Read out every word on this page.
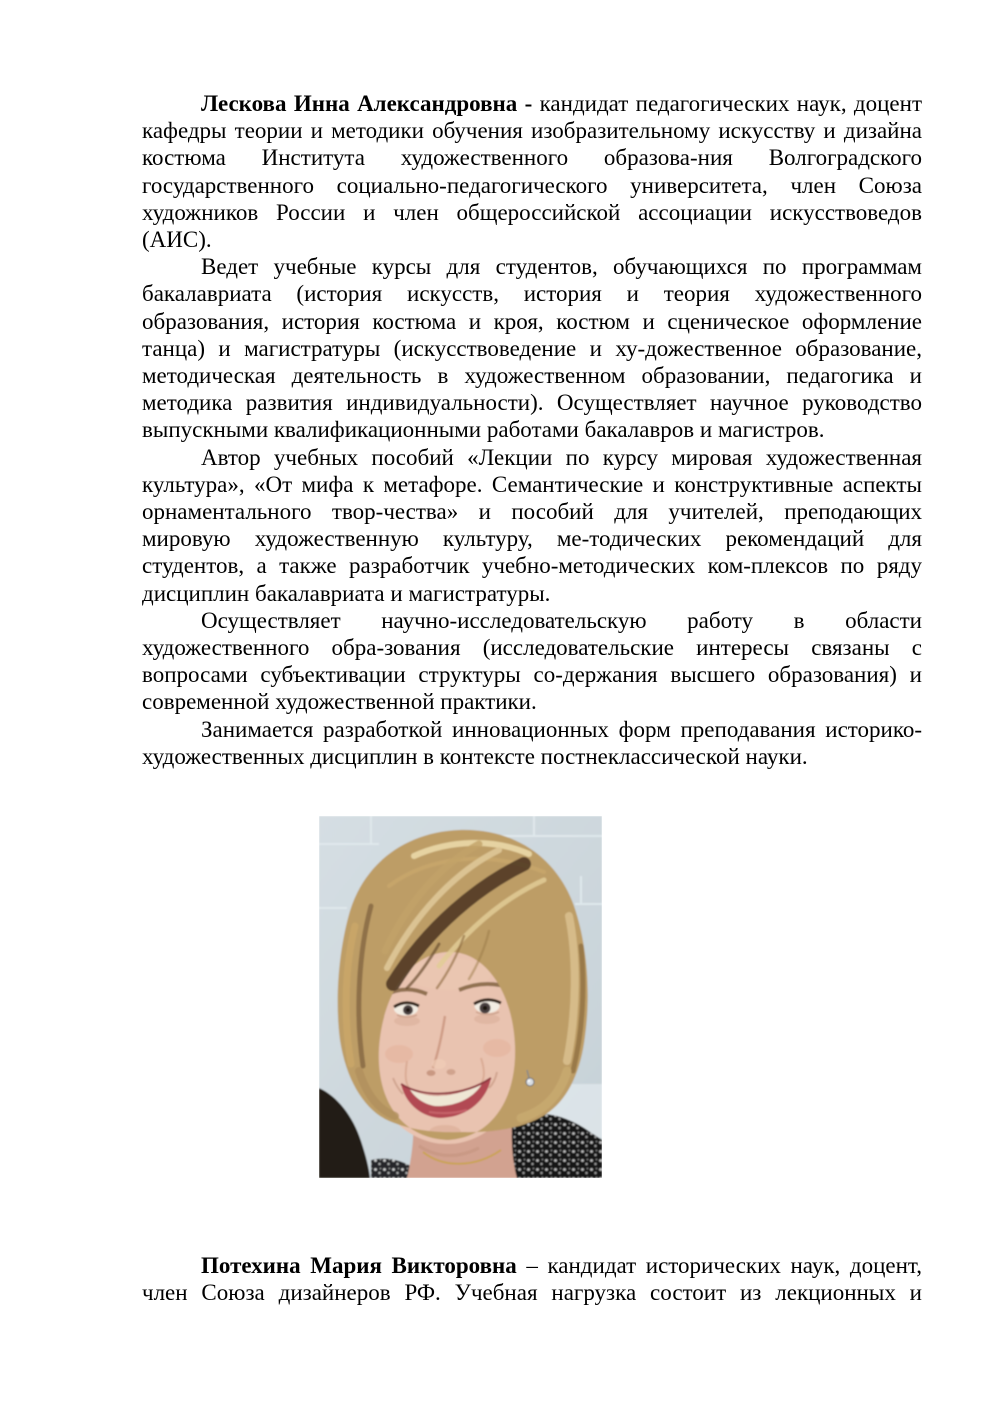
Лескова Инна Александровна - кандидат педагогических наук, доцент кафедры теории и методики обучения изобразительному искусству и дизайна костюма Института художественного образова-ния Волгоградского государственного социально-педагогического университета, член Союза художников России и член общероссийской ассоциации искусствоведов (АИС).

Ведет учебные курсы для студентов, обучающихся по программам бакалавриата (история искусств, история и теория художественного образования, история костюма и кроя, костюм и сценическое оформление танца) и магистратуры (искусствоведение и ху-дожественное образование, методическая деятельность в художественном образовании, педагогика и методика развития индивидуальности). Осуществляет научное руководство выпускными квалификационными работами бакалавров и магистров.

Автор учебных пособий «Лекции по курсу мировая художественная культура», «От мифа к метафоре. Семантические и конструктивные аспекты орнаментального твор-чества» и пособий для учителей, преподающих мировую художественную культуру, ме-тодических рекомендаций для студентов, а также разработчик учебно-методических ком-плексов по ряду дисциплин бакалавриата и магистратуры.

Осуществляет научно-исследовательскую работу в области художественного обра-зования (исследовательские интересы связаны с вопросами субъективации структуры со-держания высшего образования) и современной художественной практики.

Занимается разработкой инновационных форм преподавания историко-художественных дисциплин в контексте постнеклассической науки.

Потехина Мария Викторовна – кандидат исторических наук, доцент, член Союза дизайнеров РФ. Учебная нагрузка состоит из лекционных и
